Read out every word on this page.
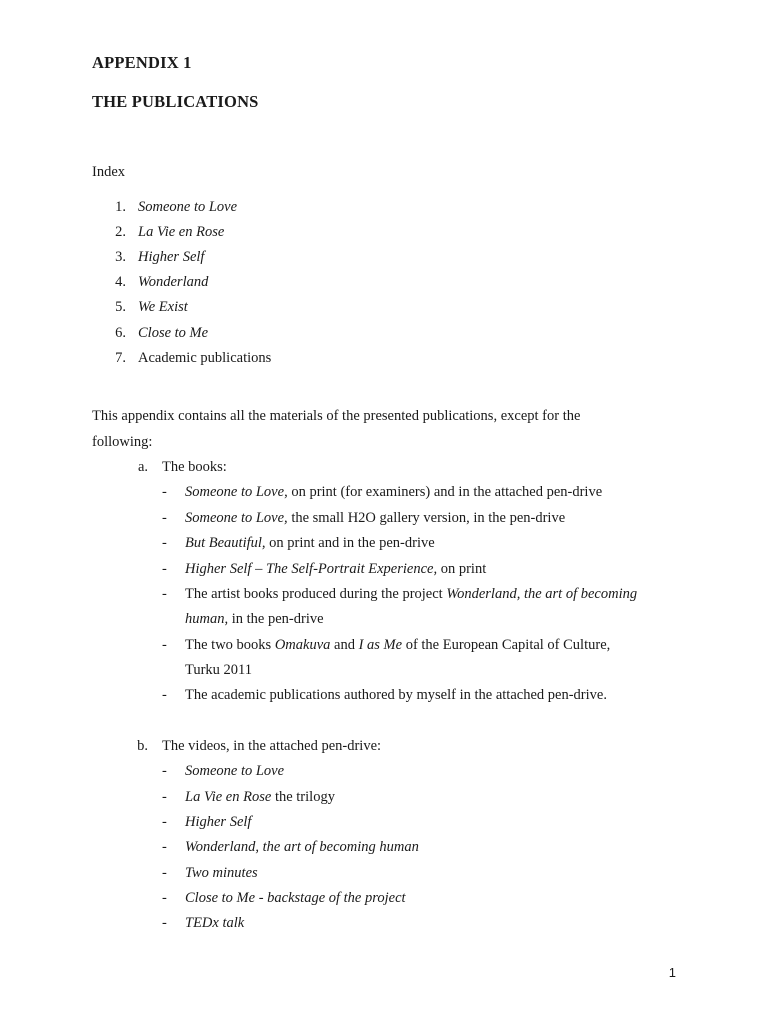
APPENDIX 1
THE PUBLICATIONS
Index
1. Someone to Love
2. La Vie en Rose
3. Higher Self
4. Wonderland
5. We Exist
6. Close to Me
7. Academic publications
This appendix contains all the materials of the presented publications, except for the
following:
a. The books:
- Someone to Love, on print (for examiners) and in the attached pen-drive
- Someone to Love, the small H2O gallery version, in the pen-drive
- But Beautiful, on print and in the pen-drive
- Higher Self – The Self-Portrait Experience, on print
- The artist books produced during the project Wonderland, the art of becoming
human, in the pen-drive
- The two books Omakuva and I as Me of the European Capital of Culture,
Turku 2011
- The academic publications authored by myself in the attached pen-drive.
b. The videos, in the attached pen-drive:
- Someone to Love
- La Vie en Rose the trilogy
- Higher Self
- Wonderland, the art of becoming human
- Two minutes
- Close to Me - backstage of the project
- TEDx talk
1
